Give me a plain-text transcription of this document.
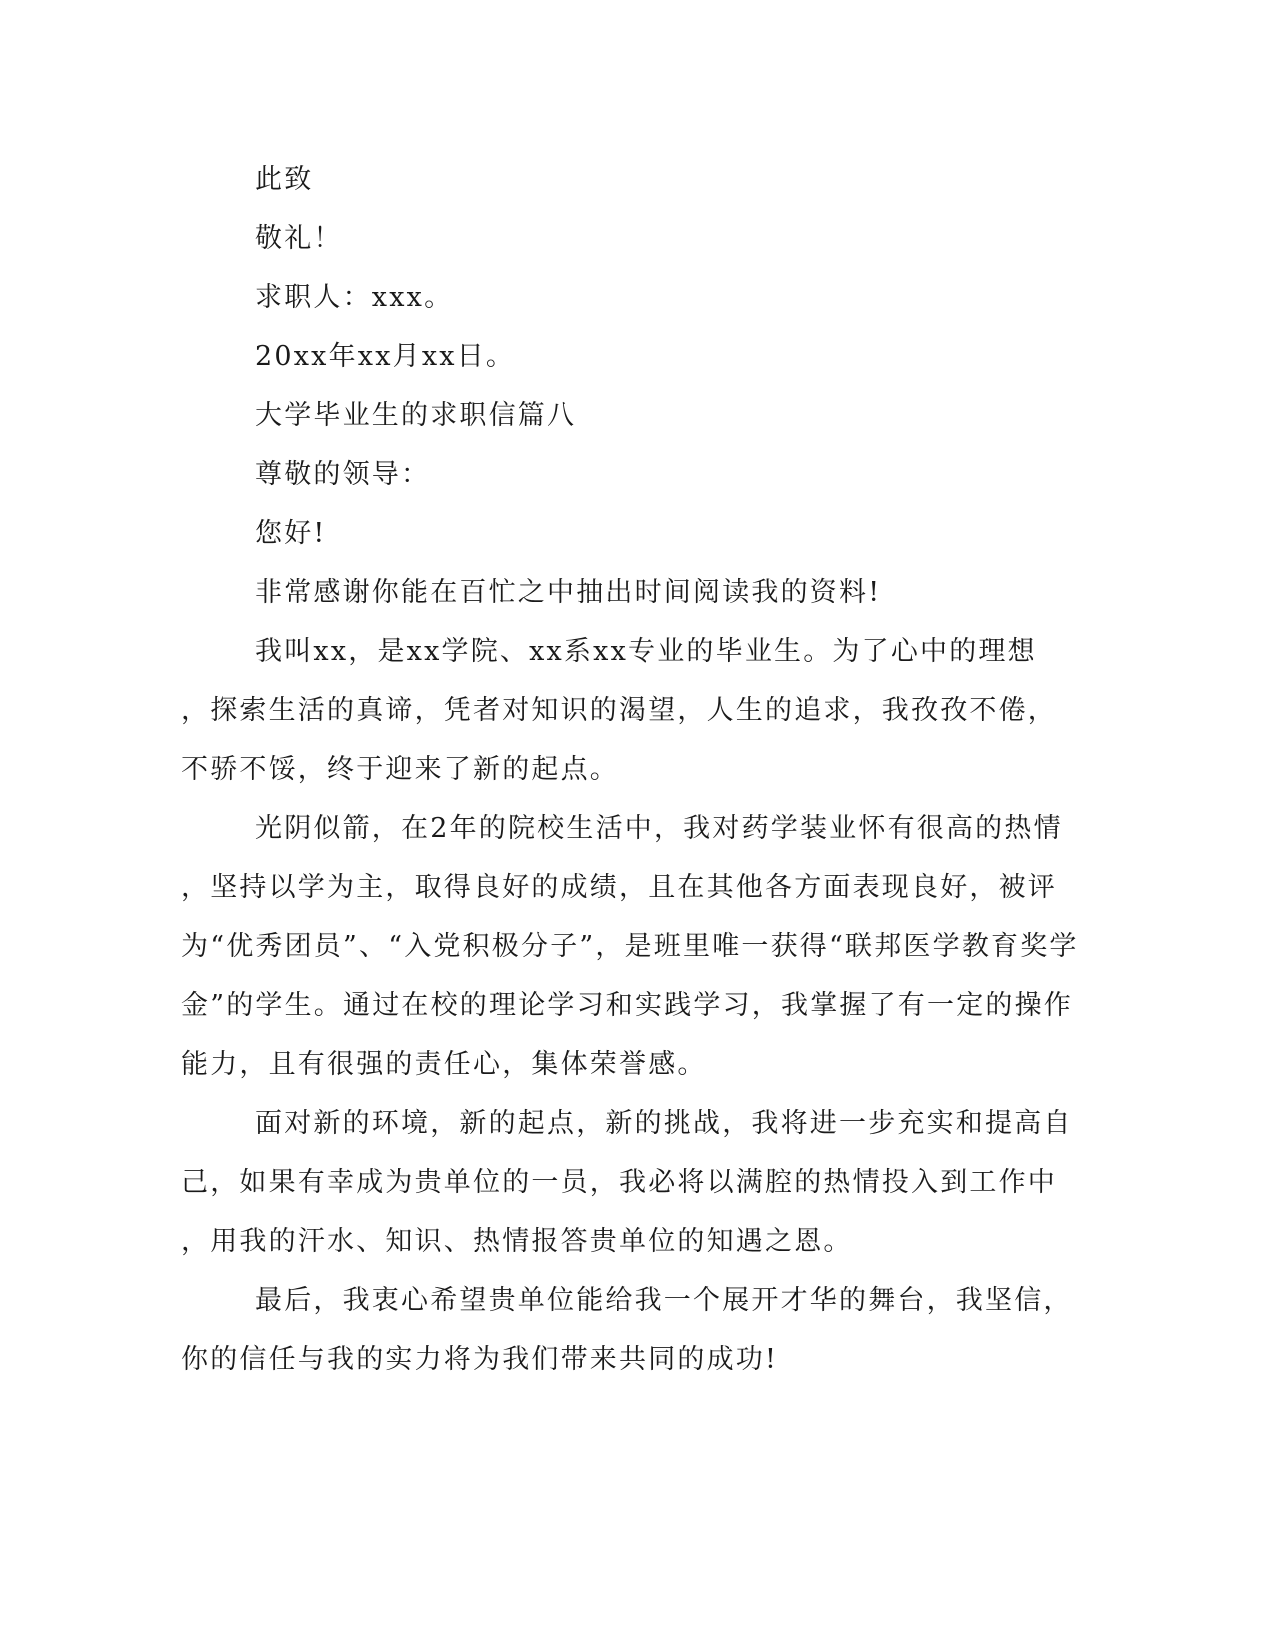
此致
敬礼！
求职人：xxx。
20xx年xx月xx日。
大学毕业生的求职信篇八
尊敬的领导：
您好!
非常感谢你能在百忙之中抽出时间阅读我的资料!
我叫xx，是xx学院、xx系xx专业的毕业生。为了心中的理想
，探索生活的真谛，凭者对知识的渴望，人生的追求，我孜孜不倦，
不骄不馁，终于迎来了新的起点。
光阴似箭，在2年的院校生活中，我对药学装业怀有很高的热情
，坚持以学为主，取得良好的成绩，且在其他各方面表现良好，被评
为“优秀团员”、“入党积极分子”，是班里唯一获得“联邦医学教育奖学
金”的学生。通过在校的理论学习和实践学习，我掌握了有一定的操作
能力，且有很强的责任心，集体荣誉感。
面对新的环境，新的起点，新的挑战，我将进一步充实和提高自
己，如果有幸成为贵单位的一员，我必将以满腔的热情投入到工作中
，用我的汗水、知识、热情报答贵单位的知遇之恩。
最后，我衷心希望贵单位能给我一个展开才华的舞台，我坚信，
你的信任与我的实力将为我们带来共同的成功!
